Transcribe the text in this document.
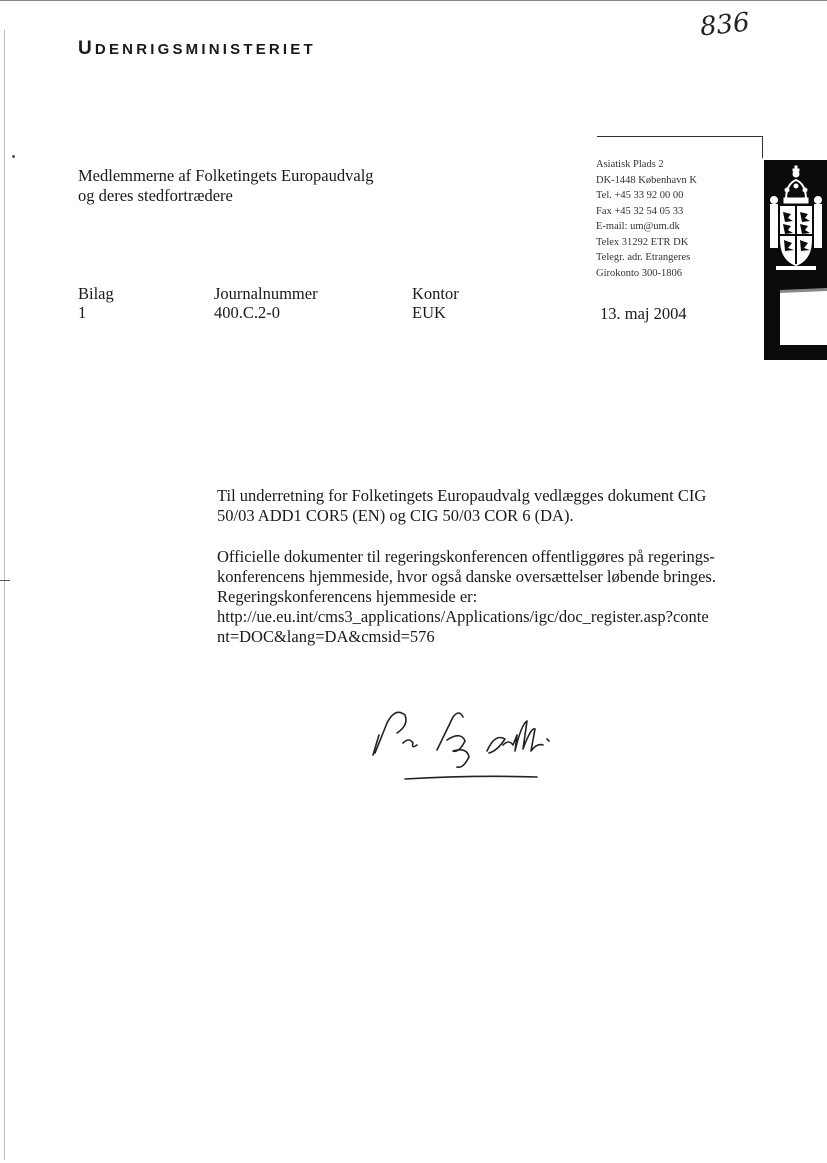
836
UDENRIGSMINISTERIET
Medlemmerne af Folketingets Europaudvalg
og deres stedfortrædere
Asiatisk Plads 2
DK-1448 København K
Tel. +45 33 92 00 00
Fax +45 32 54 05 33
E-mail: um@um.dk
Telex 31292 ETR DK
Telegr. adr. Etrangeres
Girokonto 300-1806
Bilag
1
Journalnummer
400.C.2-0
Kontor
EUK	13. maj 2004

Til underretning for Folketingets Europaudvalg vedlægges dokument CIG
50/03 ADD1 COR5 (EN) og CIG 50/03 COR 6 (DA).

Officielle dokumenter til regeringskonferencen offentliggøres på regerings-
konferencens hjemmeside, hvor også danske oversættelser løbende bringes.
Regeringskonferencens hjemmeside er:
http://ue.eu.int/cms3_applications/Applications/igc/doc_register.asp?conte
nt=DOC&lang=DA&cmsid=576
